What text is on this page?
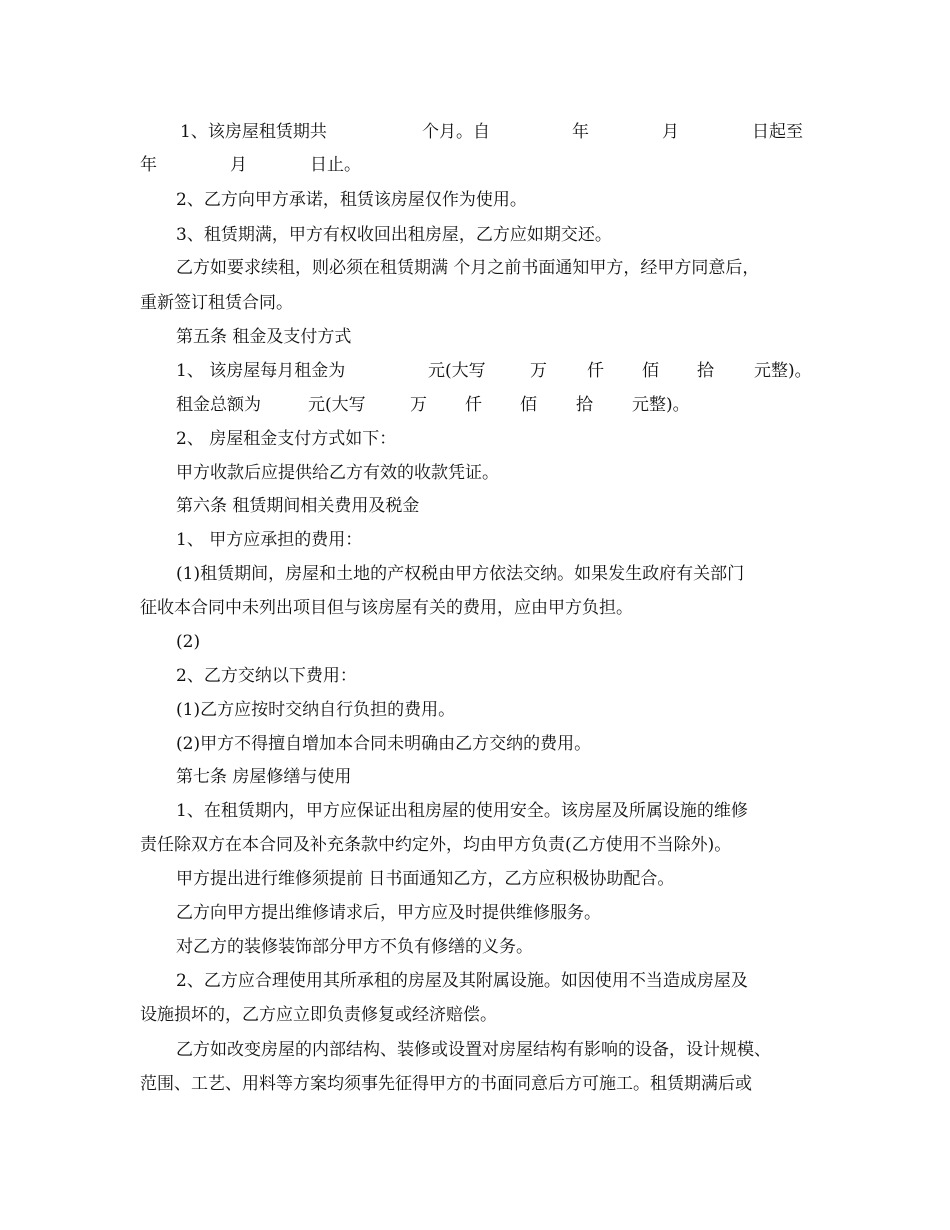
1、该房屋租赁期共

	个月。自

	年

	月

	日起至

年

	月

	日止。

2、乙方向甲方承诺，租赁该房屋仅作为使用。
3、租赁期满，甲方有权收回出租房屋，乙方应如期交还。
乙方如要求续租，则必须在租赁期满 个月之前书面通知甲方，经甲方同意后，
重新签订租赁合同。
第五条 租金及支付方式

1、 该房屋每月租金为

	元(大写

	万

仟

佰

拾

元整)。

租金总额为

	元(大写

	万

仟

佰

拾

元整)。

2、 房屋租金支付方式如下：
甲方收款后应提供给乙方有效的收款凭证。
第六条 租赁期间相关费用及税金
1、 甲方应承担的费用：
(1)租赁期间，房屋和土地的产权税由甲方依法交纳。如果发生政府有关部门
征收本合同中未列出项目但与该房屋有关的费用，应由甲方负担。
(2)
2、乙方交纳以下费用：
(1)乙方应按时交纳自行负担的费用。
(2)甲方不得擅自增加本合同未明确由乙方交纳的费用。
第七条 房屋修缮与使用
1、在租赁期内，甲方应保证出租房屋的使用安全。该房屋及所属设施的维修
责任除双方在本合同及补充条款中约定外，均由甲方负责(乙方使用不当除外)。
甲方提出进行维修须提前 日书面通知乙方，乙方应积极协助配合。
乙方向甲方提出维修请求后，甲方应及时提供维修服务。
对乙方的装修装饰部分甲方不负有修缮的义务。
2、乙方应合理使用其所承租的房屋及其附属设施。如因使用不当造成房屋及
设施损坏的，乙方应立即负责修复或经济赔偿。
乙方如改变房屋的内部结构、装修或设置对房屋结构有影响的设备，设计规模、
范围、工艺、用料等方案均须事先征得甲方的书面同意后方可施工。租赁期满后或
